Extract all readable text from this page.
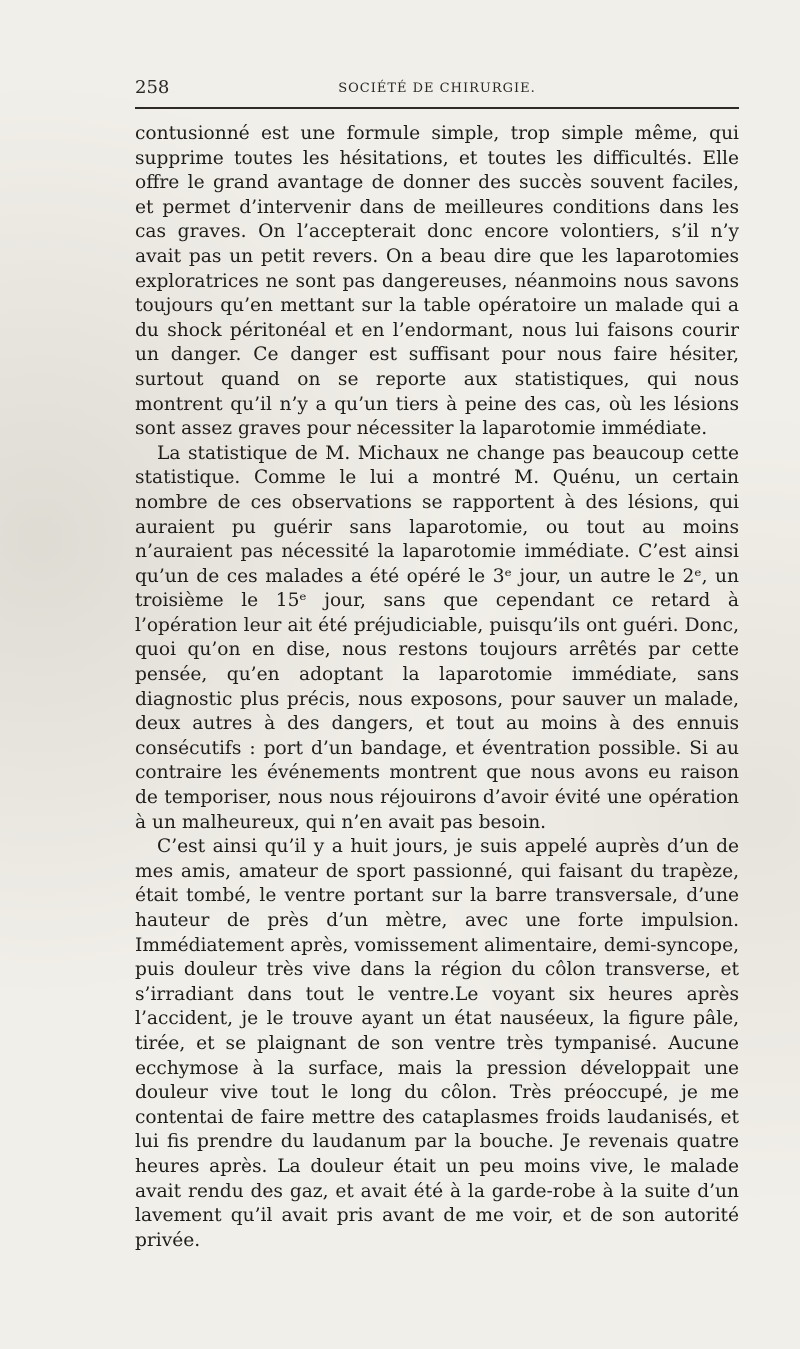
258	SOCIÉTÉ DE CHIRURGIE.

contusionné est une formule simple, trop simple même, qui supprime toutes les hésitations, et toutes les difficultés. Elle offre le grand avantage de donner des succès souvent faciles, et permet d’intervenir dans de meilleures conditions dans les cas graves. On l’accepterait donc encore volontiers, s’il n’y avait pas un petit revers. On a beau dire que les laparotomies exploratrices ne sont pas dangereuses, néanmoins nous savons toujours qu’en mettant sur la table opératoire un malade qui a du shock péritonéal et en l’endormant, nous lui faisons courir un danger. Ce danger est suffisant pour nous faire hésiter, surtout quand on se reporte aux statistiques, qui nous montrent qu’il n’y a qu’un tiers à peine des cas, où les lésions sont assez graves pour nécessiter la laparotomie immédiate.

La statistique de M. Michaux ne change pas beaucoup cette statistique. Comme le lui a montré M. Quénu, un certain nombre de ces observations se rapportent à des lésions, qui auraient pu guérir sans laparotomie, ou tout au moins n’auraient pas nécessité la laparotomie immédiate. C’est ainsi qu’un de ces malades a été opéré le 3ᵉ jour, un autre le 2ᵉ, un troisième le 15ᵉ jour, sans que cependant ce retard à l’opération leur ait été préjudiciable, puisqu’ils ont guéri. Donc, quoi qu’on en dise, nous restons toujours arrêtés par cette pensée, qu’en adoptant la laparotomie immédiate, sans diagnostic plus précis, nous exposons, pour sauver un malade, deux autres à des dangers, et tout au moins à des ennuis consécutifs : port d’un bandage, et éventration possible. Si au contraire les événements montrent que nous avons eu raison de temporiser, nous nous réjouirons d’avoir évité une opération à un malheureux, qui n’en avait pas besoin.

C’est ainsi qu’il y a huit jours, je suis appelé auprès d’un de mes amis, amateur de sport passionné, qui faisant du trapèze, était tombé, le ventre portant sur la barre transversale, d’une hauteur de près d’un mètre, avec une forte impulsion. Immédiatement après, vomissement alimentaire, demi-syncope, puis douleur très vive dans la région du côlon transverse, et s’irradiant dans tout le ventre.Le voyant six heures après l’accident, je le trouve ayant un état nauséeux, la figure pâle, tirée, et se plaignant de son ventre très tympanisé. Aucune ecchymose à la surface, mais la pression développait une douleur vive tout le long du côlon. Très préoccupé, je me contentai de faire mettre des cataplasmes froids laudanisés, et lui fis prendre du laudanum par la bouche. Je revenais quatre heures après. La douleur était un peu moins vive, le malade avait rendu des gaz, et avait été à la garde-robe à la suite d’un lavement qu’il avait pris avant de me voir, et de son autorité privée.
